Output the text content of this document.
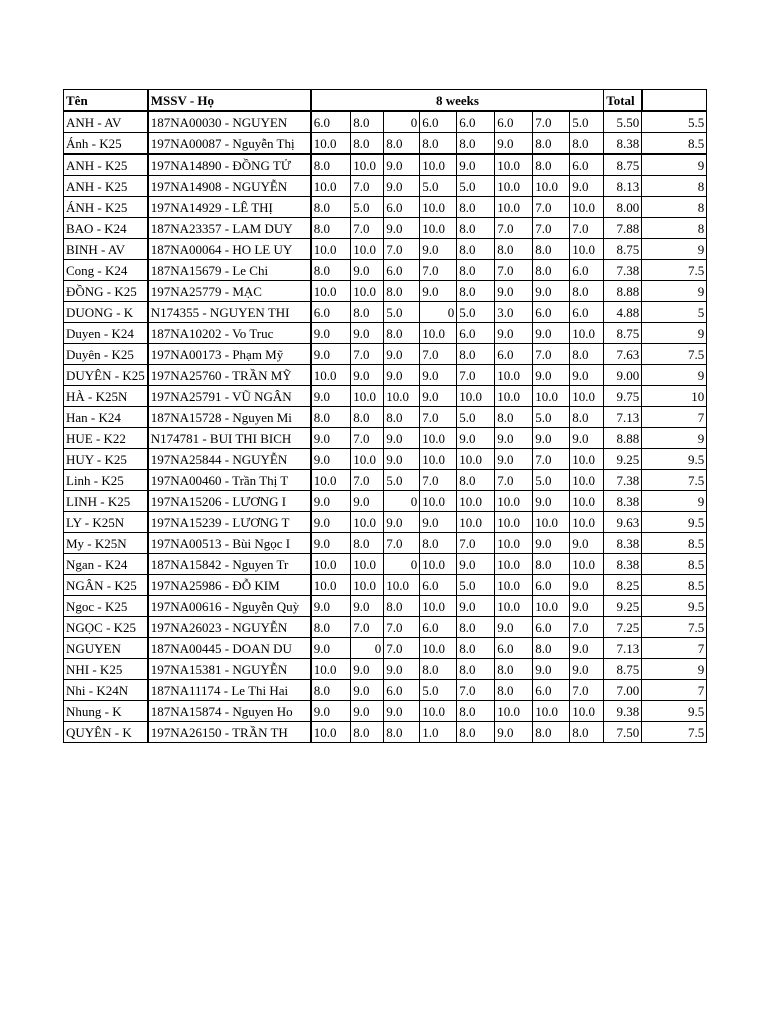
Tên	MSSV - Họ	8 weeks								Total	
ANH - AV	187NA00030 - NGUYEN	6.0	8.0	0	6.0	6.0	6.0	7.0	5.0	5.50	5.5
Ánh - K25	197NA00087 - Nguyễn Thị	10.0	8.0	8.0	8.0	8.0	9.0	8.0	8.0	8.38	8.5
ANH - K25	197NA14890 - ĐỒNG TỬ	8.0	10.0	9.0	10.0	9.0	10.0	8.0	6.0	8.75	9
ANH - K25	197NA14908 - NGUYỄN	10.0	7.0	9.0	5.0	5.0	10.0	10.0	9.0	8.13	8
ÁNH - K25	197NA14929 - LÊ THỊ	8.0	5.0	6.0	10.0	8.0	10.0	7.0	10.0	8.00	8
BAO - K24	187NA23357 - LAM DUY	8.0	7.0	9.0	10.0	8.0	7.0	7.0	7.0	7.88	8
BINH - AV	187NA00064 - HO LE UY	10.0	10.0	7.0	9.0	8.0	8.0	8.0	10.0	8.75	9
Cong - K24	187NA15679 - Le Chi	8.0	9.0	6.0	7.0	8.0	7.0	8.0	6.0	7.38	7.5
ĐỒNG - K25	197NA25779 - MẠC	10.0	10.0	8.0	9.0	8.0	9.0	9.0	8.0	8.88	9
DUONG - K	N174355 - NGUYEN THI	6.0	8.0	5.0	0	5.0	3.0	6.0	6.0	4.88	5
Duyen - K24	187NA10202 - Vo Truc	9.0	9.0	8.0	10.0	6.0	9.0	9.0	10.0	8.75	9
Duyên - K25	197NA00173 - Phạm Mỹ	9.0	7.0	9.0	7.0	8.0	6.0	7.0	8.0	7.63	7.5
DUYÊN - K25	197NA25760 - TRẦN MỸ	10.0	9.0	9.0	9.0	7.0	10.0	9.0	9.0	9.00	9
HÀ - K25N	197NA25791 - VŨ NGÂN	9.0	10.0	10.0	9.0	10.0	10.0	10.0	10.0	9.75	10
Han - K24	187NA15728 - Nguyen Mi	8.0	8.0	8.0	7.0	5.0	8.0	5.0	8.0	7.13	7
HUE - K22	N174781 - BUI THI BICH	9.0	7.0	9.0	10.0	9.0	9.0	9.0	9.0	8.88	9
HUY - K25	197NA25844 - NGUYỄN	9.0	10.0	9.0	10.0	10.0	9.0	7.0	10.0	9.25	9.5
Linh - K25	197NA00460 - Trần Thị T	10.0	7.0	5.0	7.0	8.0	7.0	5.0	10.0	7.38	7.5
LINH - K25	197NA15206 - LƯƠNG I	9.0	9.0	0	10.0	10.0	10.0	9.0	10.0	8.38	9
LY - K25N	197NA15239 - LƯƠNG T	9.0	10.0	9.0	9.0	10.0	10.0	10.0	10.0	9.63	9.5
My - K25N	197NA00513 - Bùi Ngọc I	9.0	8.0	7.0	8.0	7.0	10.0	9.0	9.0	8.38	8.5
Ngan - K24	187NA15842 - Nguyen Tr	10.0	10.0	0	10.0	9.0	10.0	8.0	10.0	8.38	8.5
NGÂN - K25	197NA25986 - ĐỖ KIM	10.0	10.0	10.0	6.0	5.0	10.0	6.0	9.0	8.25	8.5
Ngoc - K25	197NA00616 - Nguyễn Quỳ	9.0	9.0	8.0	10.0	9.0	10.0	10.0	9.0	9.25	9.5
NGỌC - K25	197NA26023 - NGUYỄN	8.0	7.0	7.0	6.0	8.0	9.0	6.0	7.0	7.25	7.5
NGUYEN	187NA00445 - DOAN DU	9.0	0	7.0	10.0	8.0	6.0	8.0	9.0	7.13	7
NHI - K25	197NA15381 - NGUYỄN	10.0	9.0	9.0	8.0	8.0	8.0	9.0	9.0	8.75	9
Nhi - K24N	187NA11174 - Le Thi Hai	8.0	9.0	6.0	5.0	7.0	8.0	6.0	7.0	7.00	7
Nhung - K	187NA15874 - Nguyen Ho	9.0	9.0	9.0	10.0	8.0	10.0	10.0	10.0	9.38	9.5
QUYÊN - K	197NA26150 - TRẦN TH	10.0	8.0	8.0	1.0	8.0	9.0	8.0	8.0	7.50	7.5
